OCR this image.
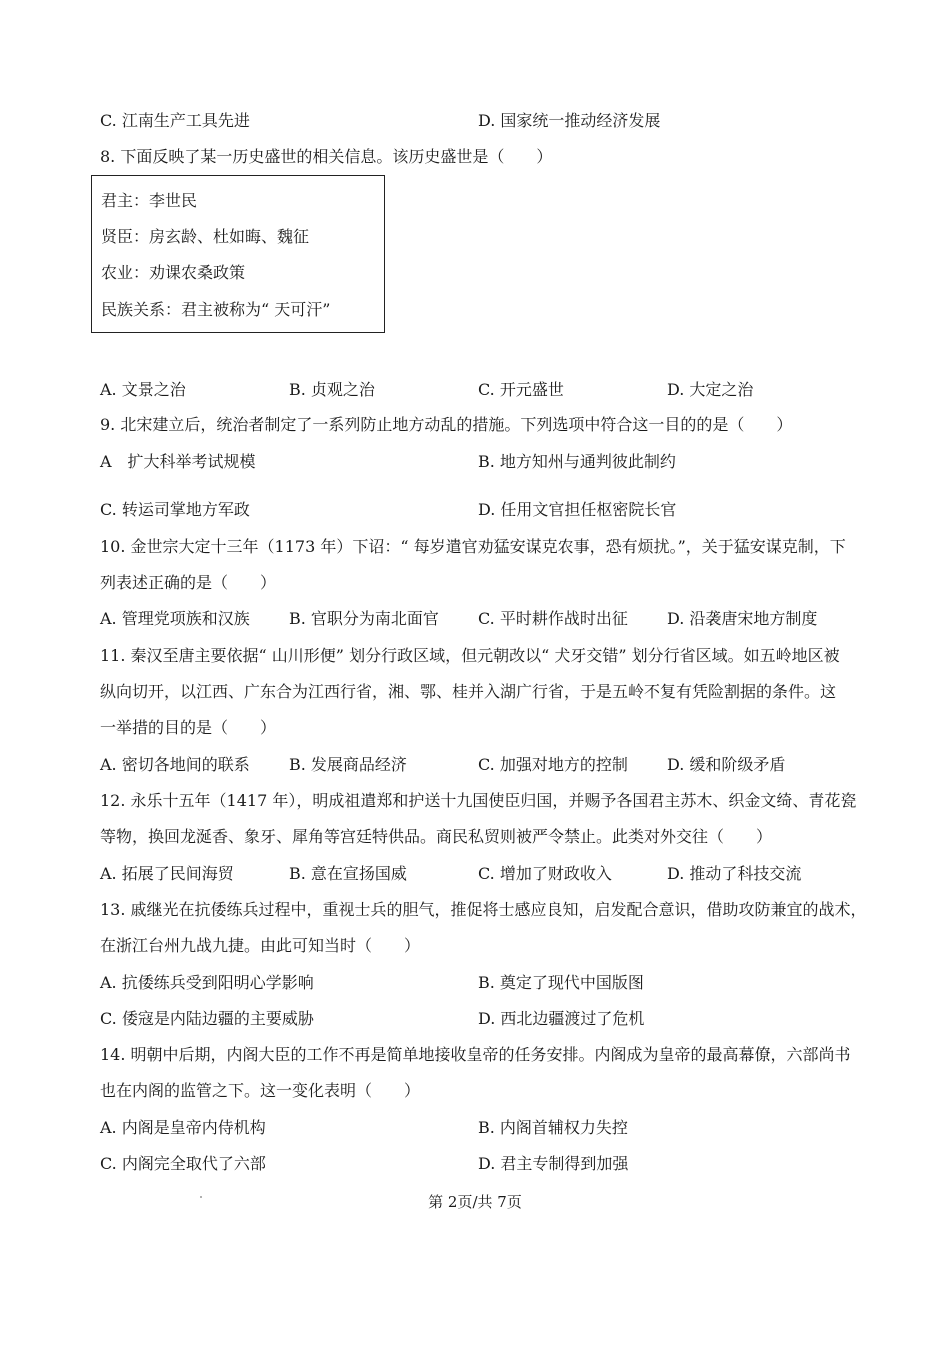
C. 江南生产工具先进	D. 国家统一推动经济发展
8. 下面反映了某一历史盛世的相关信息。该历史盛世是（　　）
君主：李世民
贤臣：房玄龄、杜如晦、魏征
农业：劝课农桑政策
民族关系：君主被称为“ 天可汗”
A. 文景之治	B. 贞观之治	C. 开元盛世	D. 大定之治
9. 北宋建立后，统治者制定了一系列防止地方动乱的措施。下列选项中符合这一目的的是（　　）
A　扩大科举考试规模	B. 地方知州与通判彼此制约
C. 转运司掌地方军政	D. 任用文官担任枢密院长官
10. 金世宗大定十三年（1173 年）下诏：“ 每岁遣官劝猛安谋克农事，恐有烦扰。”，关于猛安谋克制，下
列表述正确的是（　　）
A. 管理党项族和汉族 B. 官职分为南北面官 C. 平时耕作战时出征 D. 沿袭唐宋地方制度
11. 秦汉至唐主要依据“ 山川形便” 划分行政区域，但元朝改以“ 犬牙交错” 划分行省区域。如五岭地区被
纵向切开，以江西、广东合为江西行省，湘、鄂、桂并入湖广行省，于是五岭不复有凭险割据的条件。这
一举措的目的是（　　）
A. 密切各地间的联系 B. 发展商品经济	C. 加强对地方的控制 D. 缓和阶级矛盾
12. 永乐十五年（1417 年），明成祖遣郑和护送十九国使臣归国，并赐予各国君主苏木、织金文绮、青花瓷
等物，换回龙涎香、象牙、犀角等宫廷特供品。商民私贸则被严令禁止。此类对外交往（　　）
A. 拓展了民间海贸	B. 意在宣扬国威	C. 增加了财政收入	D. 推动了科技交流
13. 戚继光在抗倭练兵过程中，重视士兵的胆气，推促将士感应良知，启发配合意识，借助攻防兼宜的战术，
在浙江台州九战九捷。由此可知当时（　　）
A. 抗倭练兵受到阳明心学影响	B. 奠定了现代中国版图
C. 倭寇是内陆边疆的主要威胁	D. 西北边疆渡过了危机
14. 明朝中后期，内阁大臣的工作不再是简单地接收皇帝的任务安排。内阁成为皇帝的最高幕僚，六部尚书
也在内阁的监管之下。这一变化表明（　　）
A. 内阁是皇帝内侍机构	B. 内阁首辅权力失控
C. 内阁完全取代了六部	D. 君主专制得到加强
第 2页/共 7页
